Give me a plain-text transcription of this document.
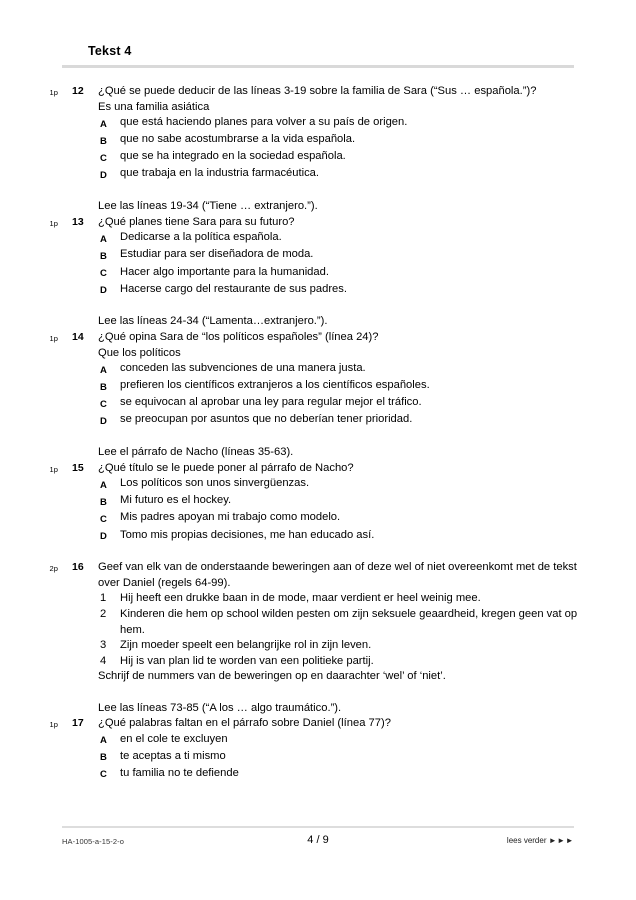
Tekst 4
1p	12	¿Qué se puede deducir de las líneas 3-19 sobre la familia de Sara (“Sus … española.”)?
Es una familia asiática
A	que está haciendo planes para volver a su país de origen.
B	que no sabe acostumbrarse a la vida española.
C	que se ha integrado en la sociedad española.
D	que trabaja en la industria farmacéutica.
Lee las líneas 19-34 (“Tiene … extranjero.”).
1p	13	¿Qué planes tiene Sara para su futuro?
A	Dedicarse a la política española.
B	Estudiar para ser diseñadora de moda.
C	Hacer algo importante para la humanidad.
D	Hacerse cargo del restaurante de sus padres.
Lee las líneas 24-34 (“Lamenta…extranjero.”).
1p	14	¿Qué opina Sara de “los políticos españoles” (línea 24)?
Que los políticos
A	conceden las subvenciones de una manera justa.
B	prefieren los científicos extranjeros a los científicos españoles.
C	se equivocan al aprobar una ley para regular mejor el tráfico.
D	se preocupan por asuntos que no deberían tener prioridad.
Lee el párrafo de Nacho (líneas 35-63).
1p	15	¿Qué título se le puede poner al párrafo de Nacho?
A	Los políticos son unos sinvergüenzas.
B	Mi futuro es el hockey.
C	Mis padres apoyan mi trabajo como modelo.
D	Tomo mis propias decisiones, me han educado así.
2p	16	Geef van elk van de onderstaande beweringen aan of deze wel of niet overeenkomt met de tekst over Daniel (regels 64-99).
1	Hij heeft een drukke baan in de mode, maar verdient er heel weinig mee.
2	Kinderen die hem op school wilden pesten om zijn seksuele geaardheid, kregen geen vat op hem.
3	Zijn moeder speelt een belangrijke rol in zijn leven.
4	Hij is van plan lid te worden van een politieke partij.
Schrijf de nummers van de beweringen op en daarachter ‘wel’ of ‘niet’.
Lee las líneas 73-85 (“A los … algo traumático.”).
1p	17	¿Qué palabras faltan en el párrafo sobre Daniel (línea 77)?
A	en el cole te excluyen
B	te aceptas a ti mismo
C	tu familia no te defiende
HA-1005-a-15-2-o	4 / 9	lees verder ►►►
